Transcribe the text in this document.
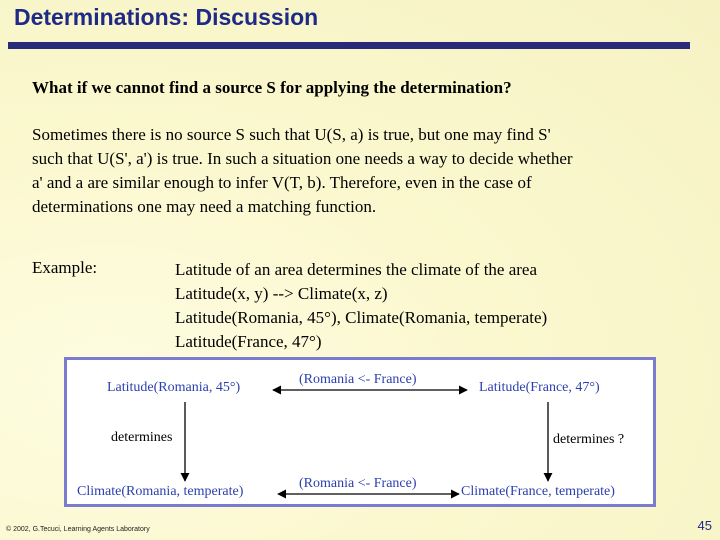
Determinations: Discussion
What if we cannot find a source S for applying the determination?

Sometimes there is no source S such that U(S, a) is true, but one may find S'
such that U(S', a') is true. In such a situation one needs a way to decide whether
a' and a are similar enough to infer V(T, b). Therefore, even in the case of
determinations one may need a matching function.

Example:	Latitude of an area determines the climate of the area
Latitude(x, y) --> Climate(x, z)
Latitude(Romania, 45°), Climate(Romania, temperate)
Latitude(France, 47°)
Latitude(Romania, 45°)
(Romania <- France)
Latitude(France, 47°)
determines	determines ?
Climate(Romania, temperate)
(Romania <- France)
Climate(France, temperate)
© 2002, G.Tecuci, Learning Agents Laboratory	45
